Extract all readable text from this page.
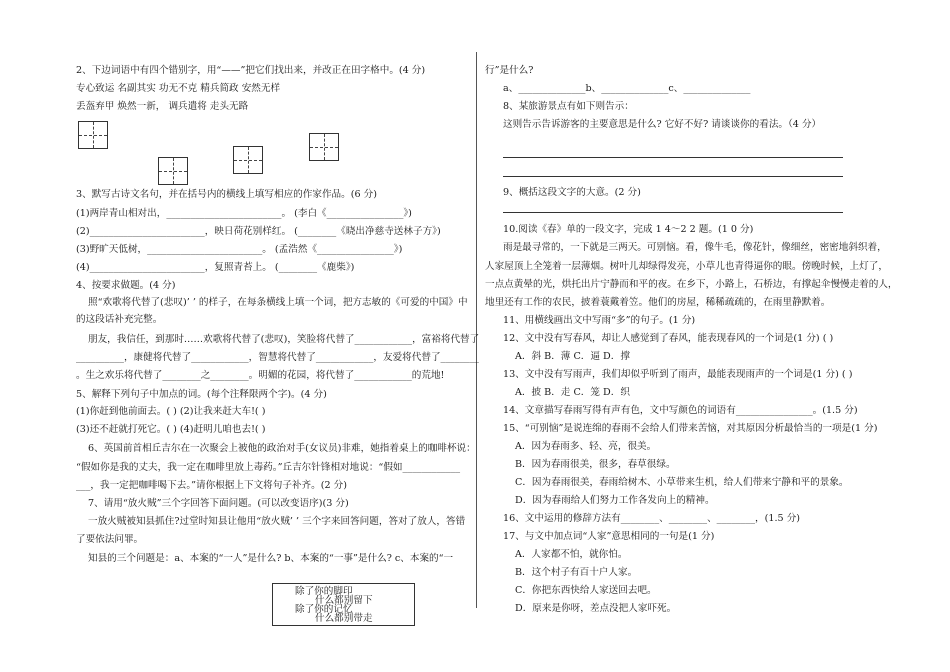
2、下边词语中有四个错别字，用“——”把它们找出来，并改正在田字格中。(4 分)
专心致运 名副其实 功无不克 精兵简政 安然无样
丢盔弃甲 焕然一新， 调兵遣将 走头无路
3、默写古诗文名句，并在括号内的横线上填写相应的作家作品。(6 分)
(1)两岸青山相对出，________________________。 (李白《________________》)
(2)________________________，映日荷花别样红。 (________《晓出净慈寺送林子方》)
(3)野旷天低树，________________________。 (孟浩然《________________》)
(4)________________________，复照青苔上。 (________《鹿柴》)
4、按要求做题。(4 分)
照“欢歌将代替了(悲叹)’ ’ 的样子，在每条横线上填一个词，把方志敏的《可爱的中国》中
的这段话补充完整。
朋友，我信任，到那时……欢歌将代替了(悲叹)，笑脸将代替了____________，富裕将代替了
__________，康健将代替了____________，智慧将代替了____________，友爱将代替了________
。生之欢乐将代替了________之________。明媚的花园，将代替了____________的荒地!
5、解释下列句子中加点的词。(每个注释限两个字)。(4 分)
(1)你赶到他前面去。( ) (2)让我来赶大车!( )
(3)还不赶就打死它。( ) (4)赶明儿咱也去!( )
6、英国前首相丘吉尔在一次聚会上被他的政治对手(女议员)非难，她指着桌上的咖啡杯说：
“假如你是我的丈夫，我一定在咖啡里放上毒药。”丘吉尔针锋相对地说：“假如____________
___，我一定把咖啡喝下去。”请你根据上下文将句子补齐。(2 分)
7、请用“放火贼”三个字回答下面问题。(可以改变语序)(3 分)
一放火贼被知县抓住?过堂时知县让他用“放火贼’ ’ 三个字来回答问题，答对了放人，答错
了要依法问罪。
知县的三个问题是：a、本案的“一人”是什么? b、本案的“一事”是什么? c、本案的“一
除了你的脚印
什么都别留下
除了你的记忆
什么都别带走
行”是什么?
a、______________b、______________c、______________
8、某旅游景点有如下则告示：
这则告示告诉游客的主要意思是什么? 它好不好? 请谈谈你的看法。（4 分）
9、概括这段文字的大意。(2 分)
10.阅读《春》单的一段文字，完成 1 4～2 2 题。(1 0 分)
雨是最寻常的，一下就是三两天。可别恼。看，像牛毛，像花针，像细丝，密密地斜织着，
人家屋顶上全笼着一层薄烟。树叶儿却绿得发亮，小草儿也青得逼你的眼。傍晚时候，上灯了，
一点点黄晕的光，烘托出片宁静而和平的夜。在乡下，小路上，石桥边，有撑起伞慢慢走着的人，
地里还有工作的农民，披着蓑戴着笠。他们的房屋，稀稀疏疏的，在雨里静默着。
11、用横线画出文中写雨“多”的句子。(1 分)
12、文中没有写春风，却让人感觉到了春风，能表现春风的一个词是(1 分) ( )
A．斜 B．薄 C．逼 D．撑
13、文中没有写雨声，我们却似乎听到了雨声，最能表现雨声的一个词是(1 分) ( )
A．披 B．走 C．笼 D．织
14、文章描写春雨写得有声有色，文中写颜色的词语有________________。(1.5 分)
15、“可别恼”是说连绵的春雨不会给人们带来苦恼，对其原因分析最恰当的一项是(1 分)
A．因为春雨多、轻、亮，很美。
B．因为春雨很美，很多，春草很绿。
C．因为春雨很美，春雨给树木、小草带来生机，给人们带来宁静和平的景象。
D．因为春雨给人们努力工作各发向上的精神。
16、文中运用的修辞方法有________、________、________，(1.5 分)
17、与文中加点词“人家”意思相同的一句是(1 分)
A．人家都不怕，就你怕。
B．这个村子有百十户人家。
C．你把东西快给人家送回去吧。
D．原来是你呀，差点没把人家吓死。
